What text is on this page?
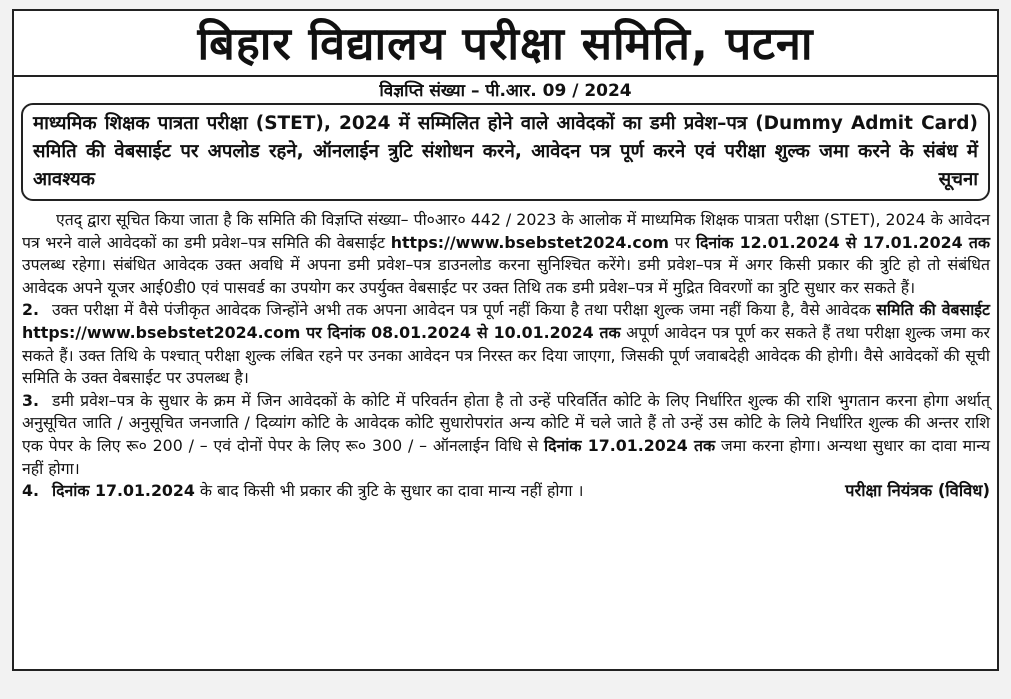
बिहार विद्यालय परीक्षा समिति, पटना

विज्ञप्ति संख्या – पी.आर. 09 / 2024

माध्यमिक शिक्षक पात्रता परीक्षा (STET), 2024 में सम्मिलित होने वाले आवेदकों का डमी प्रवेश–पत्र (Dummy Admit Card) समिति की वेबसाईट पर अपलोड रहने, ऑनलाईन त्रुटि संशोधन करने, आवेदन पत्र पूर्ण करने एवं परीक्षा शुल्क जमा करने के संबंध में आवश्यक सूचना

एतद् द्वारा सूचित किया जाता है कि समिति की विज्ञप्ति संख्या– पी०आर० 442 / 2023 के आलोक में माध्यमिक शिक्षक पात्रता परीक्षा (STET), 2024 के आवेदन पत्र भरने वाले आवेदकों का डमी प्रवेश–पत्र समिति की वेबसाईट https://www.bsebstet2024.com पर दिनांक 12.01.2024 से 17.01.2024 तक उपलब्ध रहेगा। संबंधित आवेदक उक्त अवधि में अपना डमी प्रवेश–पत्र डाउनलोड करना सुनिश्चित करेंगे। डमी प्रवेश–पत्र में अगर किसी प्रकार की त्रुटि हो तो संबंधित आवेदक अपने यूजर आई0डी0 एवं पासवर्ड का उपयोग कर उपर्युक्त वेबसाईट पर उक्त तिथि तक डमी प्रवेश–पत्र में मुद्रित विवरणों का त्रुटि सुधार कर सकते हैं।

2. उक्त परीक्षा में वैसे पंजीकृत आवेदक जिन्होंने अभी तक अपना आवेदन पत्र पूर्ण नहीं किया है तथा परीक्षा शुल्क जमा नहीं किया है, वैसे आवेदक समिति की वेबसाईट https://www.bsebstet2024.com पर दिनांक 08.01.2024 से 10.01.2024 तक अपूर्ण आवेदन पत्र पूर्ण कर सकते हैं तथा परीक्षा शुल्क जमा कर सकते हैं। उक्त तिथि के पश्चात् परीक्षा शुल्क लंबित रहने पर उनका आवेदन पत्र निरस्त कर दिया जाएगा, जिसकी पूर्ण जवाबदेही आवेदक की होगी। वैसे आवेदकों की सूची समिति के उक्त वेबसाईट पर उपलब्ध है।

3. डमी प्रवेश–पत्र के सुधार के क्रम में जिन आवेदकों के कोटि में परिवर्तन होता है तो उन्हें परिवर्तित कोटि के लिए निर्धारित शुल्क की राशि भुगतान करना होगा अर्थात् अनुसूचित जाति / अनुसूचित जनजाति / दिव्यांग कोटि के आवेदक कोटि सुधारोपरांत अन्य कोटि में चले जाते हैं तो उन्हें उस कोटि के लिये निर्धारित शुल्क की अन्तर राशि एक पेपर के लिए रू० 200 / – एवं दोनों पेपर के लिए रू० 300 / – ऑनलाईन विधि से दिनांक 17.01.2024 तक जमा करना होगा। अन्यथा सुधार का दावा मान्य नहीं होगा।

4. दिनांक 17.01.2024 के बाद किसी भी प्रकार की त्रुटि के सुधार का दावा मान्य नहीं होगा ।	परीक्षा नियंत्रक (विविध)
